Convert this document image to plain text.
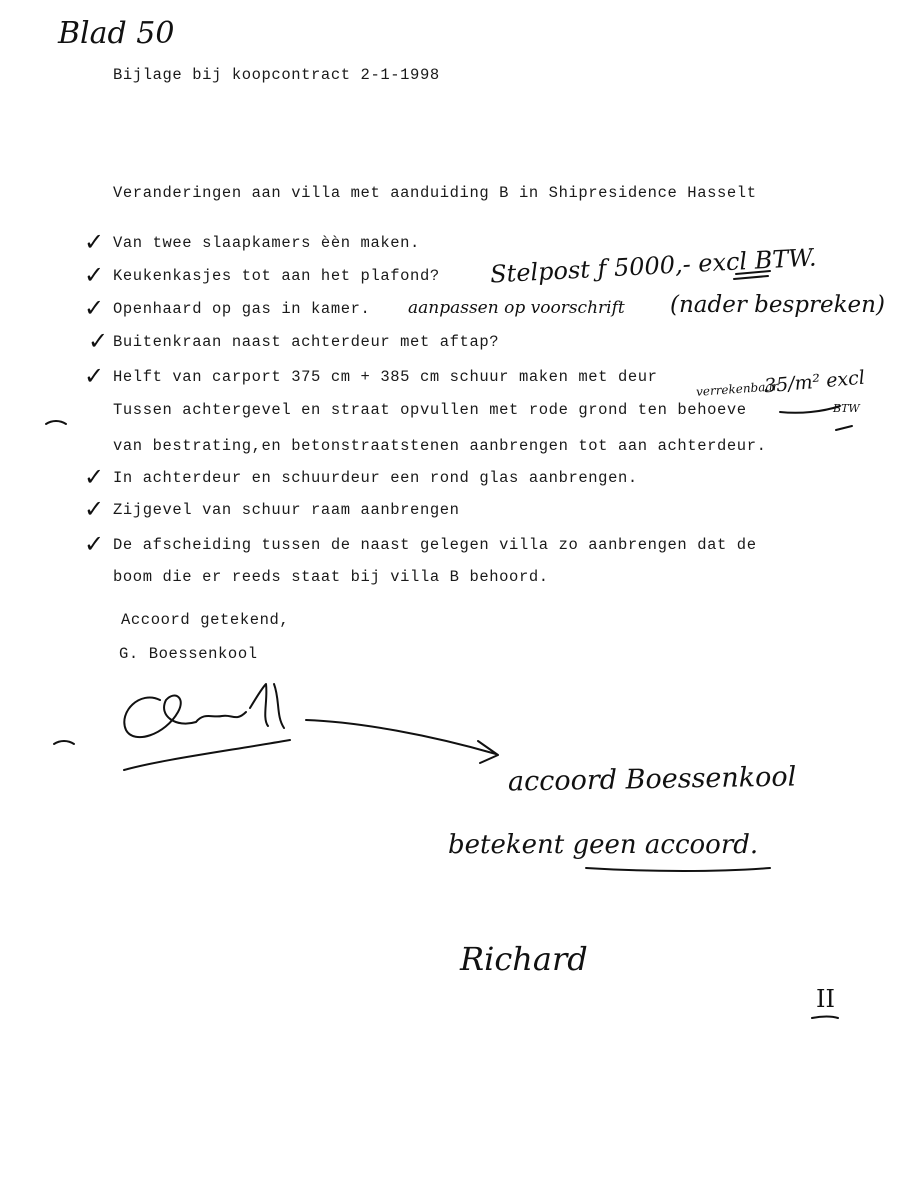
Blad 50
Bijlage bij koopcontract 2-1-1998
Veranderingen aan villa met aanduiding B in Shipresidence Hasselt
✓ Van twee slaapkamers èèn maken.
✓ Keukenkasjes tot aan het plafond?
✓ Openhaard op gas in kamer.
✓ Buitenkraan naast achterdeur met aftap?
✓ Helft van carport 375 cm + 385 cm schuur maken met deur
Tussen achtergevel en straat opvullen met rode grond ten behoeve
van bestrating,en betonstraatstenen aanbrengen tot aan achterdeur.
✓ In achterdeur en schuurdeur een rond glas aanbrengen.
✓ Zijgevel van schuur raam aanbrengen
✓ De afscheiding tussen de naast gelegen villa zo aanbrengen dat de
boom die er reeds staat bij villa B behoord.
Stelpost ƒ 5000,- excl BTW.
aanpassen op voorschrift (nader bespreken)
verrekenbaar
35/m² excl
BTW
Accoord getekend,
G. Boessenkool
accoord Boessenkool
betekent geen accoord.
Richard
II
